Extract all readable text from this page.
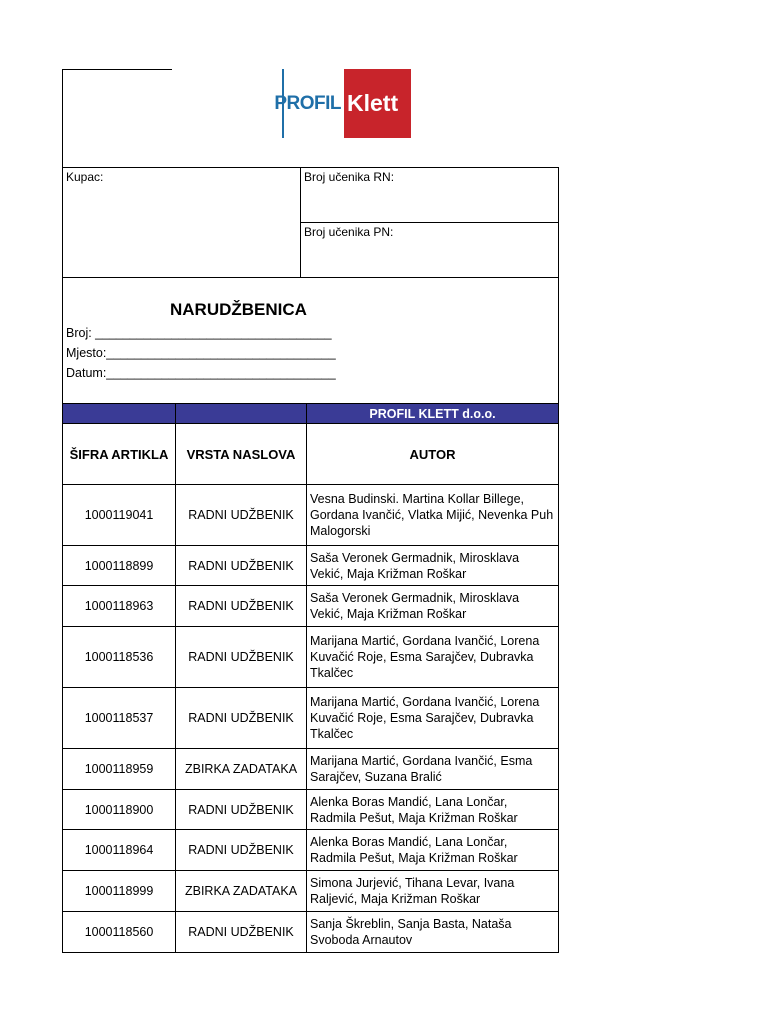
PROFIL Klett
Kupac:	Broj učenika RN:
Broj učenika PN:
NARUDŽBENICA
Broj: __________________________________
Mjesto:_________________________________
Datum:_________________________________
		PROFIL KLETT d.o.o.
ŠIFRA ARTIKLA	VRSTA NASLOVA	AUTOR
1000119041	RADNI UDŽBENIK	Vesna Budinski. Martina Kollar Billege, Gordana Ivančić, Vlatka Mijić, Nevenka Puh Malogorski
1000118899	RADNI UDŽBENIK	Saša Veronek Germadnik, Mirosklava Vekić, Maja Križman Roškar
1000118963	RADNI UDŽBENIK	Saša Veronek Germadnik, Mirosklava Vekić, Maja Križman Roškar
1000118536	RADNI UDŽBENIK	Marijana Martić, Gordana Ivančić, Lorena Kuvačić Roje, Esma Sarajčev, Dubravka Tkalčec
1000118537	RADNI UDŽBENIK	Marijana Martić, Gordana Ivančić, Lorena Kuvačić Roje, Esma Sarajčev, Dubravka Tkalčec
1000118959	ZBIRKA ZADATAKA	Marijana Martić, Gordana Ivančić, Esma Sarajčev, Suzana Bralić
1000118900	RADNI UDŽBENIK	Alenka Boras Mandić, Lana Lončar, Radmila Pešut, Maja Križman Roškar
1000118964	RADNI UDŽBENIK	Alenka Boras Mandić, Lana Lončar, Radmila Pešut, Maja Križman Roškar
1000118999	ZBIRKA ZADATAKA	Simona Jurjević, Tihana Levar, Ivana Raljević, Maja Križman Roškar
1000118560	RADNI UDŽBENIK	Sanja Škreblin, Sanja Basta, Nataša Svoboda Arnautov
